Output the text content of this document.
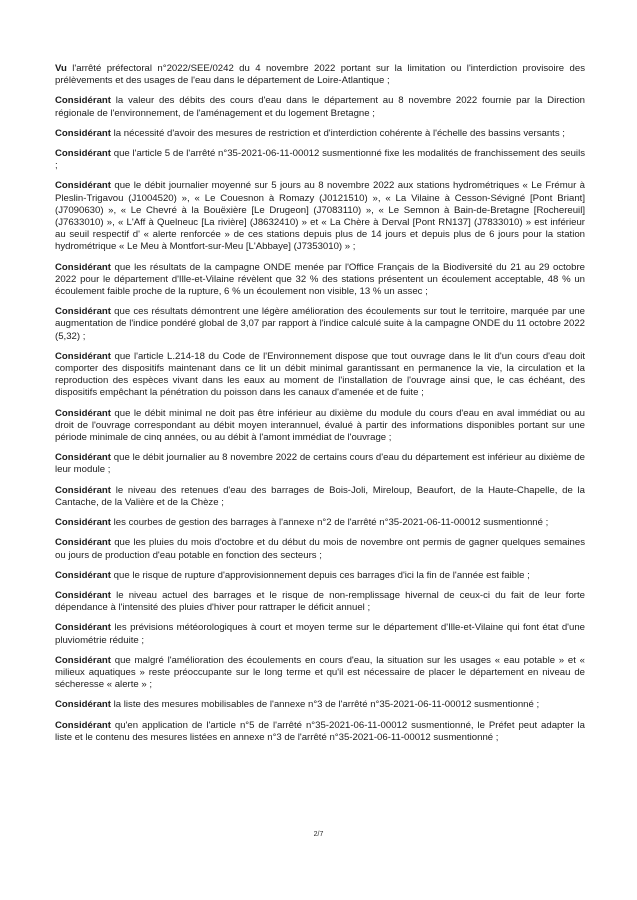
Vu l'arrêté préfectoral n°2022/SEE/0242 du 4 novembre 2022 portant sur la limitation ou l'interdiction provisoire des prélèvements et des usages de l'eau dans le département de Loire-Atlantique ;

Considérant la valeur des débits des cours d'eau dans le département au 8 novembre 2022 fournie par la Direction régionale de l'environnement, de l'aménagement et du logement Bretagne ;

Considérant la nécessité d'avoir des mesures de restriction et d'interdiction cohérente à l'échelle des bassins versants ;

Considérant que l'article 5 de l'arrêté n°35-2021-06-11-00012 susmentionné fixe les modalités de franchissement des seuils ;

Considérant que le débit journalier moyenné sur 5 jours au 8 novembre 2022 aux stations hydrométriques « Le Frémur à Pleslin-Trigavou (J1004520) », « Le Couesnon à Romazy (J0121510) », « La Vilaine à Cesson-Sévigné [Pont Briant] (J7090630) », « Le Chevré à la Bouëxière [Le Drugeon] (J7083110) », « Le Semnon à Bain-de-Bretagne [Rochereuil] (J7633010) », « L'Aff à Quelneuc [La rivière] (J8632410) » et « La Chère à Derval [Pont RN137] (J7833010) » est inférieur au seuil respectif d' « alerte renforcée » de ces stations depuis plus de 14 jours et depuis plus de 6 jours pour la station hydrométrique « Le Meu à Montfort-sur-Meu [L'Abbaye] (J7353010) » ;

Considérant que les résultats de la campagne ONDE menée par l'Office Français de la Biodiversité du 21 au 29 octobre 2022 pour le département d'Ille-et-Vilaine révèlent que 32 % des stations présentent un écoulement acceptable, 48 % un écoulement faible proche de la rupture, 6 % un écoulement non visible, 13 % un assec ;

Considérant que ces résultats démontrent une légère amélioration des écoulements sur tout le territoire, marquée par une augmentation de l'indice pondéré global de 3,07 par rapport à l'indice calculé suite à la campagne ONDE du 11 octobre 2022 (5,32) ;

Considérant que l'article L.214-18 du Code de l'Environnement dispose que tout ouvrage dans le lit d'un cours d'eau doit comporter des dispositifs maintenant dans ce lit un débit minimal garantissant en permanence la vie, la circulation et la reproduction des espèces vivant dans les eaux au moment de l'installation de l'ouvrage ainsi que, le cas échéant, des dispositifs empêchant la pénétration du poisson dans les canaux d'amenée et de fuite ;

Considérant que le débit minimal ne doit pas être inférieur au dixième du module du cours d'eau en aval immédiat ou au droit de l'ouvrage correspondant au débit moyen interannuel, évalué à partir des informations disponibles portant sur une période minimale de cinq années, ou au débit à l'amont immédiat de l'ouvrage ;

Considérant que le débit journalier au 8 novembre 2022 de certains cours d'eau du département est inférieur au dixième de leur module ;

Considérant le niveau des retenues d'eau des barrages de Bois-Joli, Mireloup, Beaufort, de la Haute-Chapelle, de la Cantache, de la Valière et de la Chèze ;

Considérant les courbes de gestion des barrages à l'annexe n°2 de l'arrêté n°35-2021-06-11-00012 susmentionné ;

Considérant que les pluies du mois d'octobre et du début du mois de novembre ont permis de gagner quelques semaines ou jours de production d'eau potable en fonction des secteurs ;

Considérant que le risque de rupture d'approvisionnement depuis ces barrages d'ici la fin de l'année est faible ;

Considérant le niveau actuel des barrages et le risque de non-remplissage hivernal de ceux-ci du fait de leur forte dépendance à l'intensité des pluies d'hiver pour rattraper le déficit annuel ;

Considérant les prévisions météorologiques à court et moyen terme sur le département d'Ille-et-Vilaine qui font état d'une pluviométrie réduite ;

Considérant que malgré l'amélioration des écoulements en cours d'eau, la situation sur les usages « eau potable » et « milieux aquatiques » reste préoccupante sur le long terme et qu'il est nécessaire de placer le département en niveau de sécheresse « alerte » ;

Considérant la liste des mesures mobilisables de l'annexe n°3 de l'arrêté n°35-2021-06-11-00012 susmentionné ;

Considérant qu'en application de l'article n°5 de l'arrêté n°35-2021-06-11-00012 susmentionné, le Préfet peut adapter la liste et le contenu des mesures listées en annexe n°3 de l'arrêté n°35-2021-06-11-00012 susmentionné ;

2/7
